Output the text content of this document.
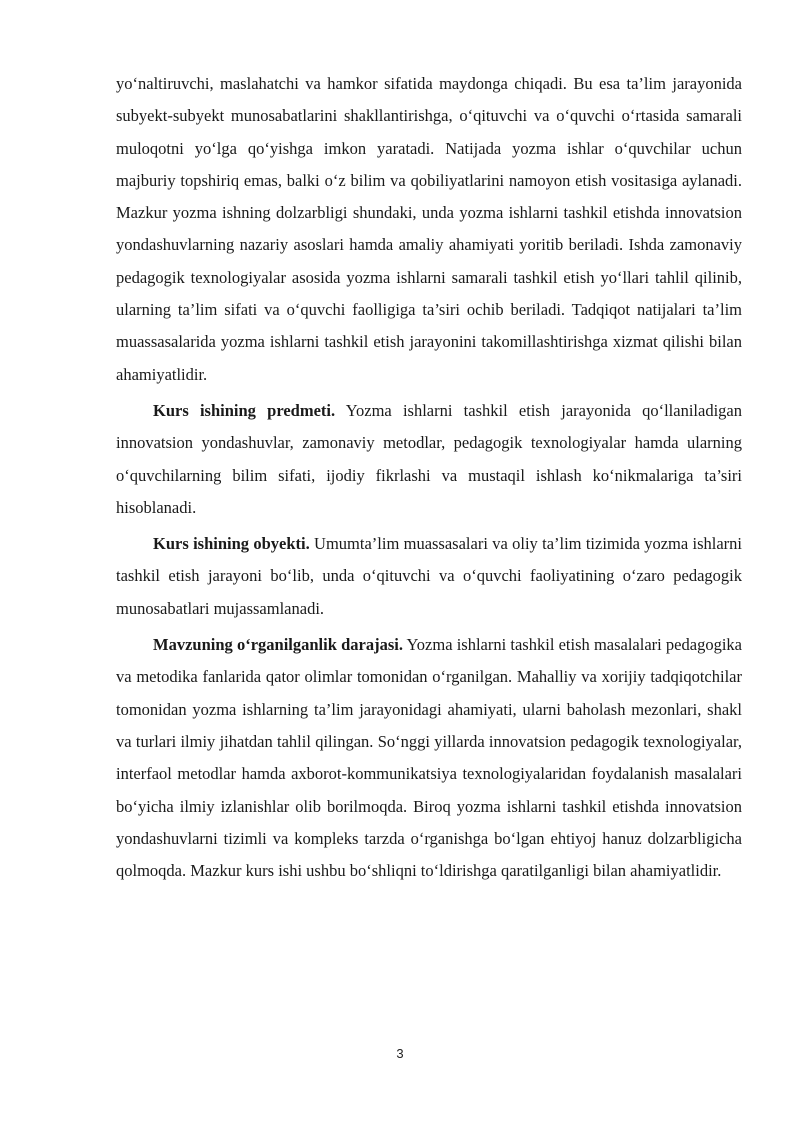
yo‘naltiruvchi, maslahatchi va hamkor sifatida maydonga chiqadi. Bu esa ta’lim jarayonida subyekt-subyekt munosabatlarini shakllantirishga, o‘qituvchi va o‘quvchi o‘rtasida samarali muloqotni yo‘lga qo‘yishga imkon yaratadi. Natijada yozma ishlar o‘quvchilar uchun majburiy topshiriq emas, balki o‘z bilim va qobiliyatlarini namoyon etish vositasiga aylanadi. Mazkur yozma ishning dolzarbligi shundaki, unda yozma ishlarni tashkil etishda innovatsion yondashuvlarning nazariy asoslari hamda amaliy ahamiyati yoritib beriladi. Ishda zamonaviy pedagogik texnologiyalar asosida yozma ishlarni samarali tashkil etish yo‘llari tahlil qilinib, ularning ta’lim sifati va o‘quvchi faolligiga ta’siri ochib beriladi. Tadqiqot natijalari ta’lim muassasalarida yozma ishlarni tashkil etish jarayonini takomillashtirishga xizmat qilishi bilan ahamiyatlidir.

Kurs ishining predmeti. Yozma ishlarni tashkil etish jarayonida qo‘llaniladigan innovatsion yondashuvlar, zamonaviy metodlar, pedagogik texnologiyalar hamda ularning o‘quvchilarning bilim sifati, ijodiy fikrlashi va mustaqil ishlash ko‘nikmalariga ta’siri hisoblanadi.

Kurs ishining obyekti. Umumta’lim muassasalari va oliy ta’lim tizimida yozma ishlarni tashkil etish jarayoni bo‘lib, unda o‘qituvchi va o‘quvchi faoliyatining o‘zaro pedagogik munosabatlari mujassamlanadi.

Mavzuning o‘rganilganlik darajasi. Yozma ishlarni tashkil etish masalalari pedagogika va metodika fanlarida qator olimlar tomonidan o‘rganilgan. Mahalliy va xorijiy tadqiqotchilar tomonidan yozma ishlarning ta’lim jarayonidagi ahamiyati, ularni baholash mezonlari, shakl va turlari ilmiy jihatdan tahlil qilingan. So‘nggi yillarda innovatsion pedagogik texnologiyalar, interfaol metodlar hamda axborot-kommunikatsiya texnologiyalaridan foydalanish masalalari bo‘yicha ilmiy izlanishlar olib borilmoqda. Biroq yozma ishlarni tashkil etishda innovatsion yondashuvlarni tizimli va kompleks tarzda o‘rganishga bo‘lgan ehtiyoj hanuz dolzarbligicha qolmoqda. Mazkur kurs ishi ushbu bo‘shliqni to‘ldirishga qaratilganligi bilan ahamiyatlidir.

3
